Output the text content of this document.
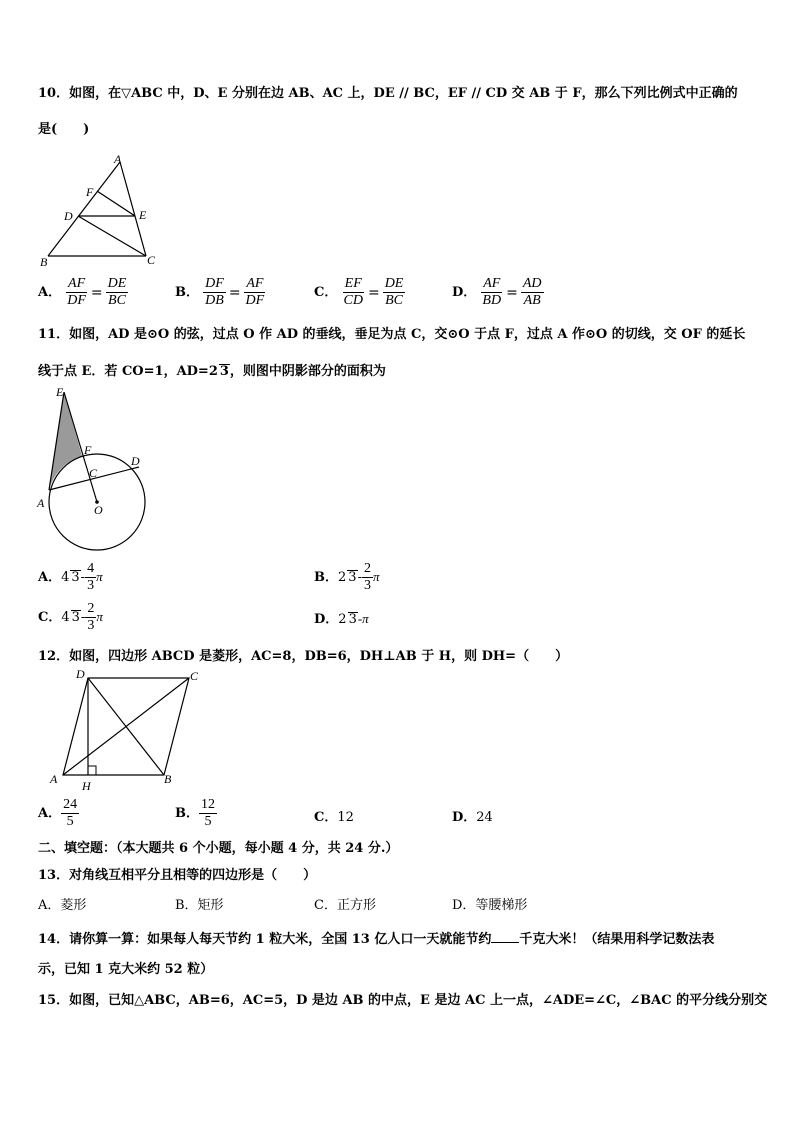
10．如图，在▽ABC 中，D、E 分别在边 AB、AC 上，DE // BC，EF // CD 交 AB 于 F，那么下列比例式中正确的
是(　　)
A
F
D	E
B	C
A． $\frac{AF}{DF} = \frac{DE}{BC}$	B． $\frac{DF}{DB} = \frac{AF}{DF}$	C． $\frac{EF}{CD} = \frac{DE}{BC}$	D． $\frac{AF}{BD} = \frac{AD}{AB}$
11．如图，AD 是⊙O 的弦，过点 O 作 AD 的垂线，垂足为点 C，交⊙O 于点 F，过点 A 作⊙O 的切线，交 OF 的延长
线于点 E．若 CO=1，AD=2 3，则图中阴影部分的面积为
E
F
C
D
A	O
A．4 $3- \frac{4}{3}$ π	B．2 $3- \frac{2}{3}$ π
C．4 $3- \frac{2}{3}$ π	D．2 3-π
12．如图，四边形 ABCD 是菱形，AC=8，DB=6，DH⊥AB 于 H，则 DH=（　　）
D	C
A H	B
A． $\frac{24}{5}$	B． $\frac{12}{5}$	C．12	D．24
二、填空题：（本大题共 6 个小题，每小题 4 分，共 24 分.）
13．对角线互相平分且相等的四边形是（　　）
A．菱形	B．矩形	C．正方形	D．等腰梯形
14．请你算一算：如果每人每天节约 1 粒大米，全国 13 亿人口一天就能节约 千克大米！（结果用科学记数法表
示，已知 1 克大米约 52 粒）
15．如图，已知△ABC，AB=6，AC=5，D 是边 AB 的中点，E 是边 AC 上一点，∠ADE=∠C，∠BAC 的平分线分别交
